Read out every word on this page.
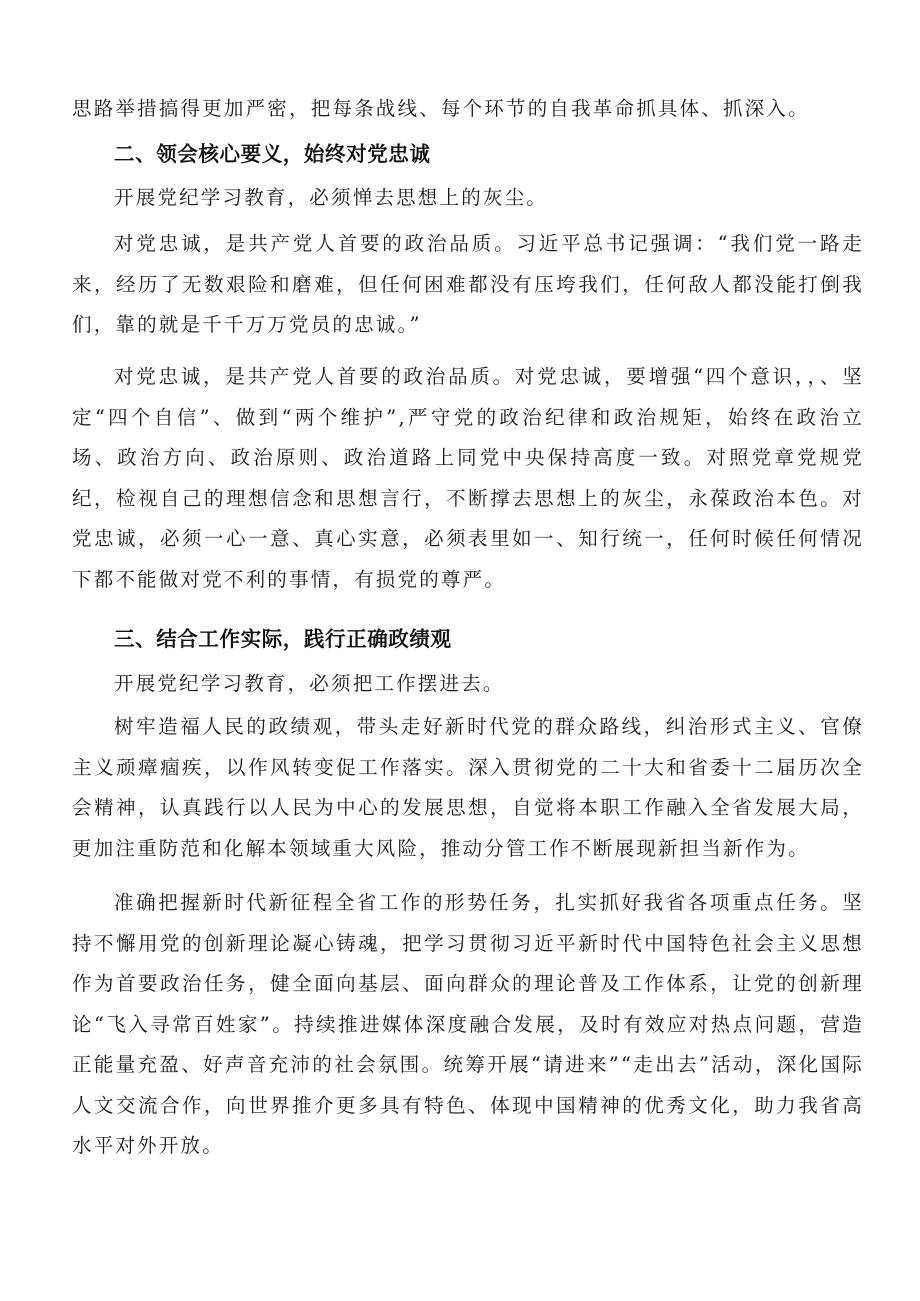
思路举措搞得更加严密，把每条战线、每个环节的自我革命抓具体、抓深入。

二、领会核心要义，始终对党忠诚

开展党纪学习教育，必须惮去思想上的灰尘。

对党忠诚，是共产党人首要的政治品质。习近平总书记强调：“我们党一路走来，经历了无数艰险和磨难，但任何困难都没有压垮我们，任何敌人都没能打倒我们，靠的就是千千万万党员的忠诚。”

对党忠诚，是共产党人首要的政治品质。对党忠诚，要增强“四个意识，，、坚定“四个自信”、做到“两个维护”,严守党的政治纪律和政治规矩，始终在政治立场、政治方向、政治原则、政治道路上同党中央保持高度一致。对照党章党规党纪，检视自己的理想信念和思想言行，不断撑去思想上的灰尘，永葆政治本色。对党忠诚，必须一心一意、真心实意，必须表里如一、知行统一，任何时候任何情况下都不能做对党不利的事情，有损党的尊严。

三、结合工作实际，践行正确政绩观

开展党纪学习教育，必须把工作摆进去。

树牢造福人民的政绩观，带头走好新时代党的群众路线，纠治形式主义、官僚主义顽瘴痼疾，以作风转变促工作落实。深入贯彻党的二十大和省委十二届历次全会精神，认真践行以人民为中心的发展思想，自觉将本职工作融入全省发展大局，更加注重防范和化解本领域重大风险，推动分管工作不断展现新担当新作为。

准确把握新时代新征程全省工作的形势任务，扎实抓好我省各项重点任务。坚持不懈用党的创新理论凝心铸魂，把学习贯彻习近平新时代中国特色社会主义思想作为首要政治任务，健全面向基层、面向群众的理论普及工作体系，让党的创新理论“飞入寻常百姓家”。持续推进媒体深度融合发展，及时有效应对热点问题，营造正能量充盈、好声音充沛的社会氛围。统筹开展“请进来”“走出去”活动，深化国际人文交流合作，向世界推介更多具有特色、体现中国精神的优秀文化，助力我省高水平对外开放。
